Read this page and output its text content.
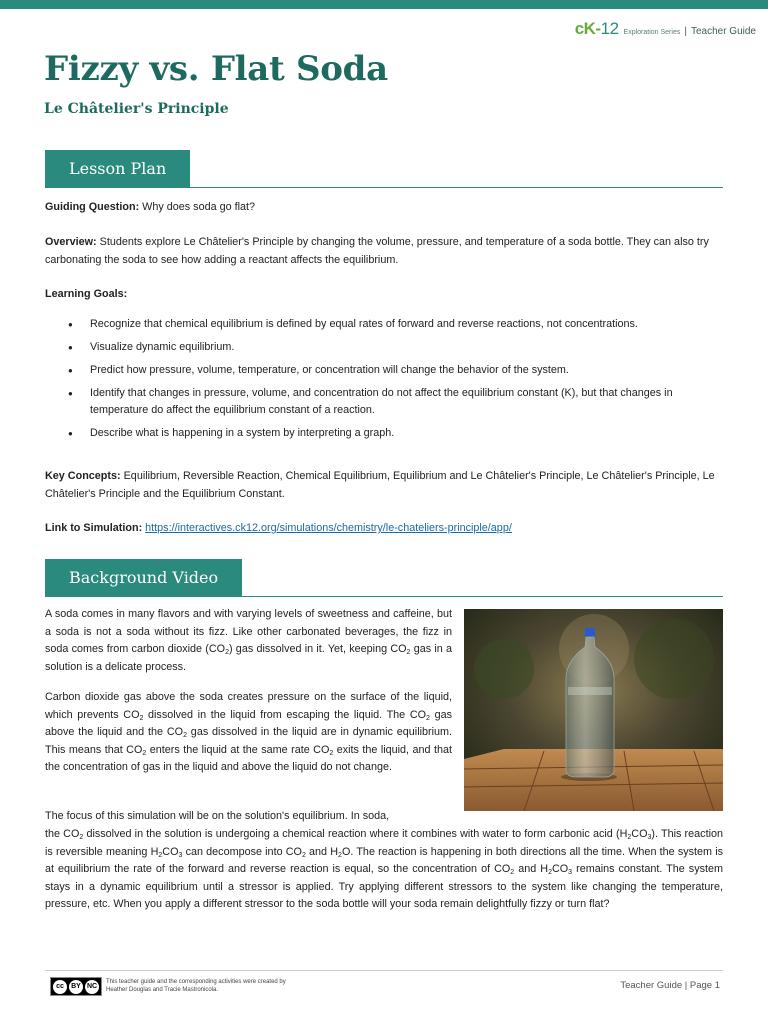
cK-12 Exploration Series | Teacher Guide
Fizzy vs. Flat Soda
Le Châtelier's Principle
Lesson Plan
Guiding Question: Why does soda go flat?
Overview: Students explore Le Châtelier's Principle by changing the volume, pressure, and temperature of a soda bottle. They can also try carbonating the soda to see how adding a reactant affects the equilibrium.
Learning Goals:
● Recognize that chemical equilibrium is defined by equal rates of forward and reverse reactions, not concentrations.
● Visualize dynamic equilibrium.
● Predict how pressure, volume, temperature, or concentration will change the behavior of the system.
● Identify that changes in pressure, volume, and concentration do not affect the equilibrium constant (K), but that changes in temperature do affect the equilibrium constant of a reaction.
● Describe what is happening in a system by interpreting a graph.
Key Concepts: Equilibrium, Reversible Reaction, Chemical Equilibrium, Equilibrium and Le Châtelier's Principle, Le Châtelier's Principle, Le Châtelier's Principle and the Equilibrium Constant.
Link to Simulation: https://interactives.ck12.org/simulations/chemistry/le-chateliers-principle/app/
Background Video
A soda comes in many flavors and with varying levels of sweetness and caffeine, but a soda is not a soda without its fizz. Like other carbonated beverages, the fizz in soda comes from carbon dioxide $(CO_2)$ gas dissolved in it. Yet, keeping $CO_2$ gas in a solution is a delicate process.
Carbon dioxide gas above the soda creates pressure on the surface of the liquid, which prevents $CO_2$ dissolved in the liquid from escaping the liquid. The $CO_2$ gas above the liquid and the $CO_2$ gas dissolved in the liquid are in dynamic equilibrium. This means that $CO_2$ enters the liquid at the same rate $CO_2$ exits the liquid, and that the concentration of gas in the liquid and above the liquid do not change.
The focus of this simulation will be on the solution's equilibrium. In soda,
the $CO_2$ dissolved in the solution is undergoing a chemical reaction where it combines with water to form carbonic acid $(H_2CO_3)$. This reaction is reversible meaning $H_2CO_3$ can decompose into $CO_2$ and $H_2O$. The reaction is happening in both directions all the time. When the system is at equilibrium the rate of the forward and reverse reaction is equal, so the concentration of $CO_2$ and $H_2CO_3$ remains constant. The system stays in a dynamic equilibrium until a stressor is applied. Try applying different stressors to the system like changing the temperature, pressure, etc. When you apply a different stressor to the soda bottle will your soda remain delightfully fizzy or turn flat?
cc	BY NC
This teacher guide and the corresponding activities were created by Heather Douglas and Tracie Mastronicola.	Teacher Guide | Page 1
